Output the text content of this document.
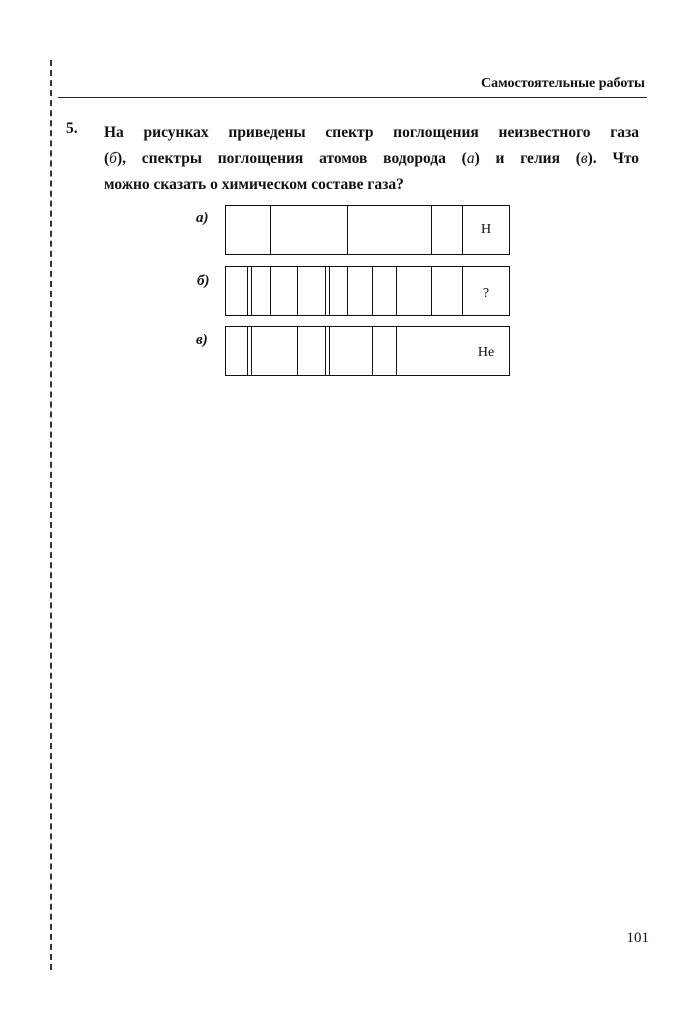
Самостоятельные работы
5. На рисунках приведены спектр поглощения неизвестного газа
(б), спектры поглощения атомов водорода (а) и гелия (в). Что
можно сказать о химическом составе газа?
а)
H
б)
?
в)
He
101
